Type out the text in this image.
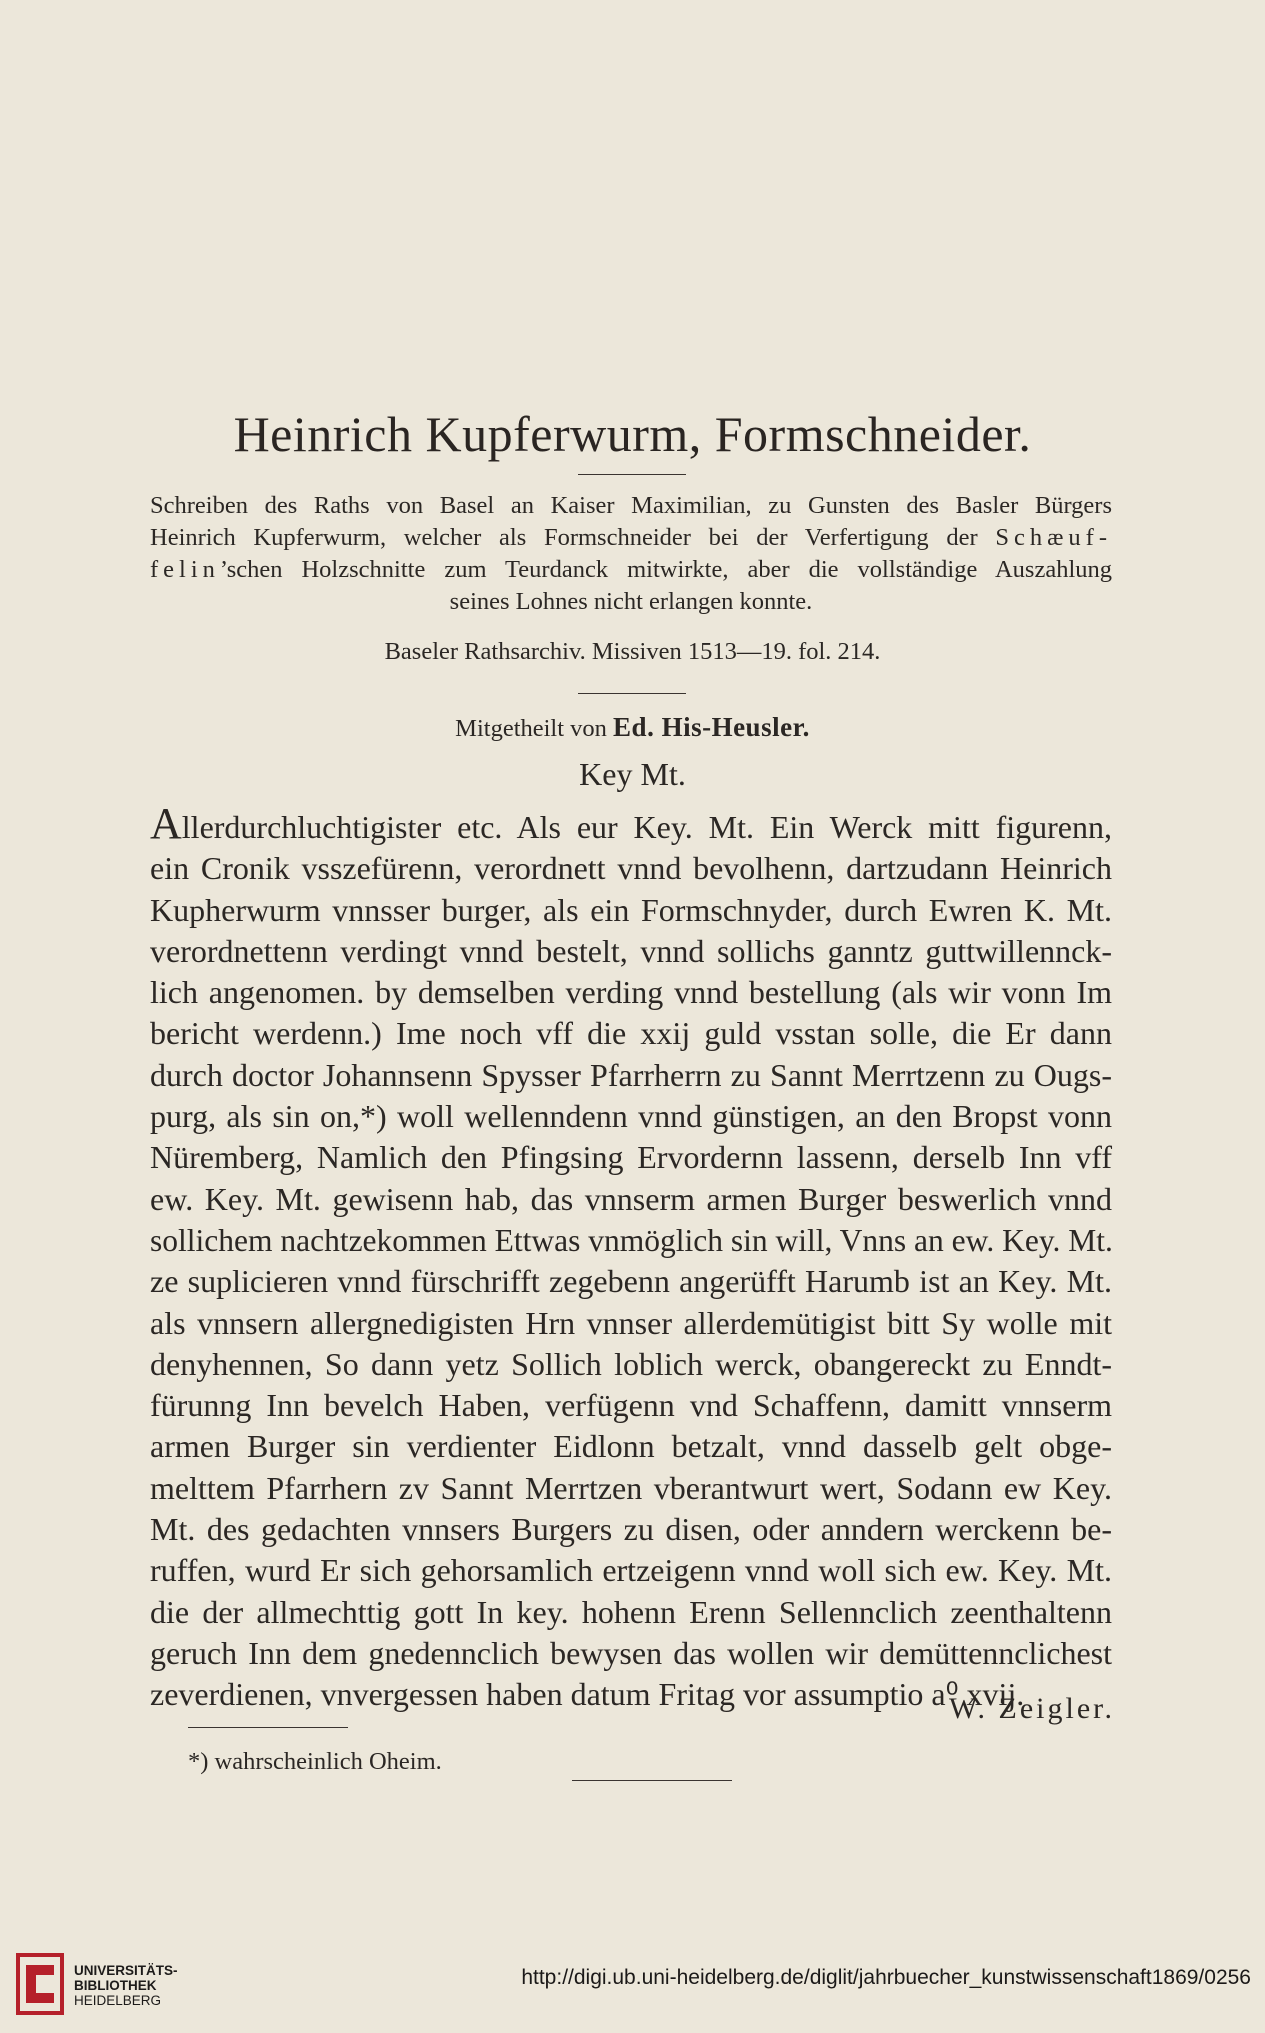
Heinrich Kupferwurm, Formschneider.
Schreiben des Raths von Basel an Kaiser Maximilian, zu Gunsten des Basler Bürgers
Heinrich Kupferwurm, welcher als Formschneider bei der Verfertigung der Schæuf-
felin’schen Holzschnitte zum Teurdanck mitwirkte, aber die vollständige Auszahlung
seines Lohnes nicht erlangen konnte.
Baseler Rathsarchiv. Missiven 1513—19. fol. 214.
Mitgetheilt von Ed. His-Heusler.
Key Mt.
Allerdurchluchtigister etc. Als eur Key. Mt. Ein Werck mitt figurenn,
ein Cronik vsszefürenn, verordnett vnnd bevolhenn, dartzudann Heinrich
Kupherwurm vnnsser burger, als ein Formschnyder, durch Ewren K. Mt.
verordnettenn verdingt vnnd bestelt, vnnd sollichs ganntz guttwillennck-
lich angenomen. by demselben verding vnnd bestellung (als wir vonn Im
bericht werdenn.) Ime noch vff die xxij guld vsstan solle, die Er dann
durch doctor Johannsenn Spysser Pfarrherrn zu Sannt Merrtzenn zu Ougs-
purg, als sin on,*) woll wellenndenn vnnd günstigen, an den Bropst vonn
Nüremberg, Namlich den Pfingsing Ervordernn lassenn, derselb Inn vff
ew. Key. Mt. gewisenn hab, das vnnserm armen Burger beswerlich vnnd
sollichem nachtzekommen Ettwas vnmöglich sin will, Vnns an ew. Key. Mt.
ze suplicieren vnnd fürschrifft zegebenn angerüfft Harumb ist an Key. Mt.
als vnnsern allergnedigisten Hrn vnnser allerdemütigist bitt Sy wolle mit
denyhennen, So dann yetz Sollich loblich werck, obangereckt zu Enndt-
fürunng Inn bevelch Haben, verfügenn vnd Schaffenn, damitt vnnserm
armen Burger sin verdienter Eidlonn betzalt, vnnd dasselb gelt obge-
melttem Pfarrhern zv Sannt Merrtzen vberantwurt wert, Sodann ew Key.
Mt. des gedachten vnnsers Burgers zu disen, oder anndern werckenn be-
ruffen, wurd Er sich gehorsamlich ertzeigenn vnnd woll sich ew. Key. Mt.
die der allmechttig gott In key. hohenn Erenn Sellennclich zeenthaltenn
geruch Inn dem gnedennclich bewysen das wollen wir demüttennclichest
zeverdienen, vnvergessen haben datum Fritag vor assumptio a⁰ xvij.
W. Zeigler.
*) wahrscheinlich Oheim.
UNIVERSITÄTS-
BIBLIOTHEK
HEIDELBERG
http://digi.ub.uni-heidelberg.de/diglit/jahrbuecher_kunstwissenschaft1869/0256
